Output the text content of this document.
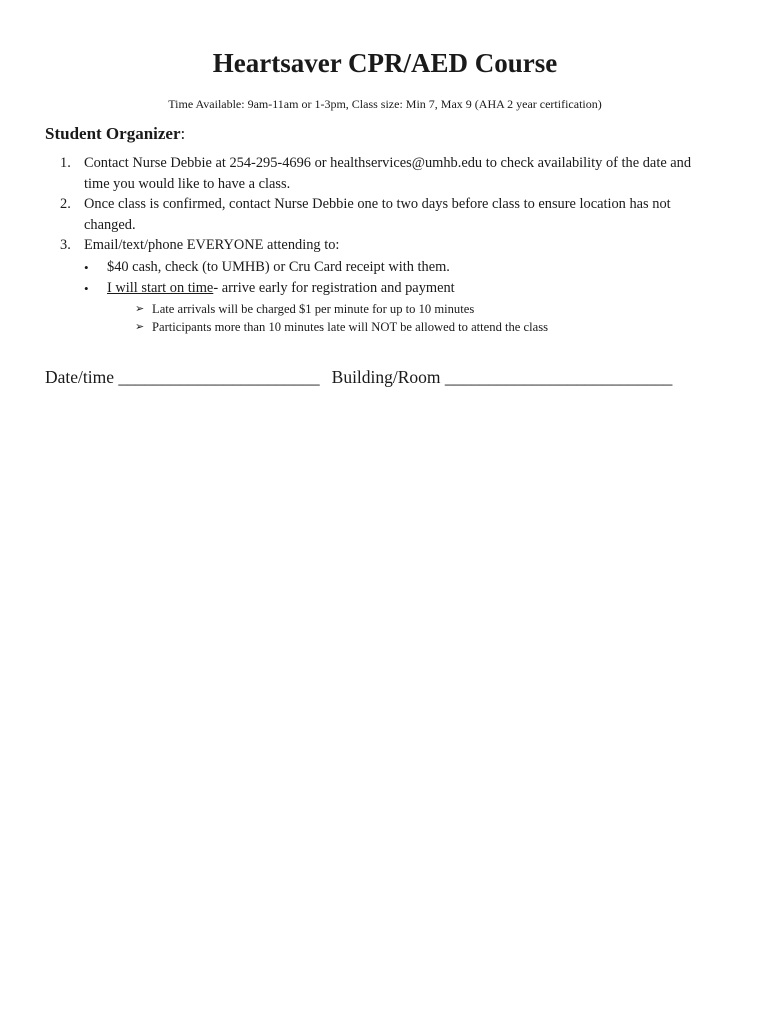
Heartsaver CPR/AED Course
Time Available: 9am-11am or 1-3pm, Class size: Min 7, Max 9 (AHA 2 year certification)
Student Organizer:
1. Contact Nurse Debbie at 254-295-4696 or healthservices@umhb.edu to check availability of the date and
time you would like to have a class.
2. Once class is confirmed, contact Nurse Debbie one to two days before class to ensure location has not
changed.
3. Email/text/phone EVERYONE attending to:
• $40 cash, check (to UMHB) or Cru Card receipt with them.
• I will start on time- arrive early for registration and payment
➢ Late arrivals will be charged $1 per minute for up to 10 minutes
➢ Participants more than 10 minutes late will NOT be allowed to attend the class
Date/time _______________________ Building/Room __________________________
